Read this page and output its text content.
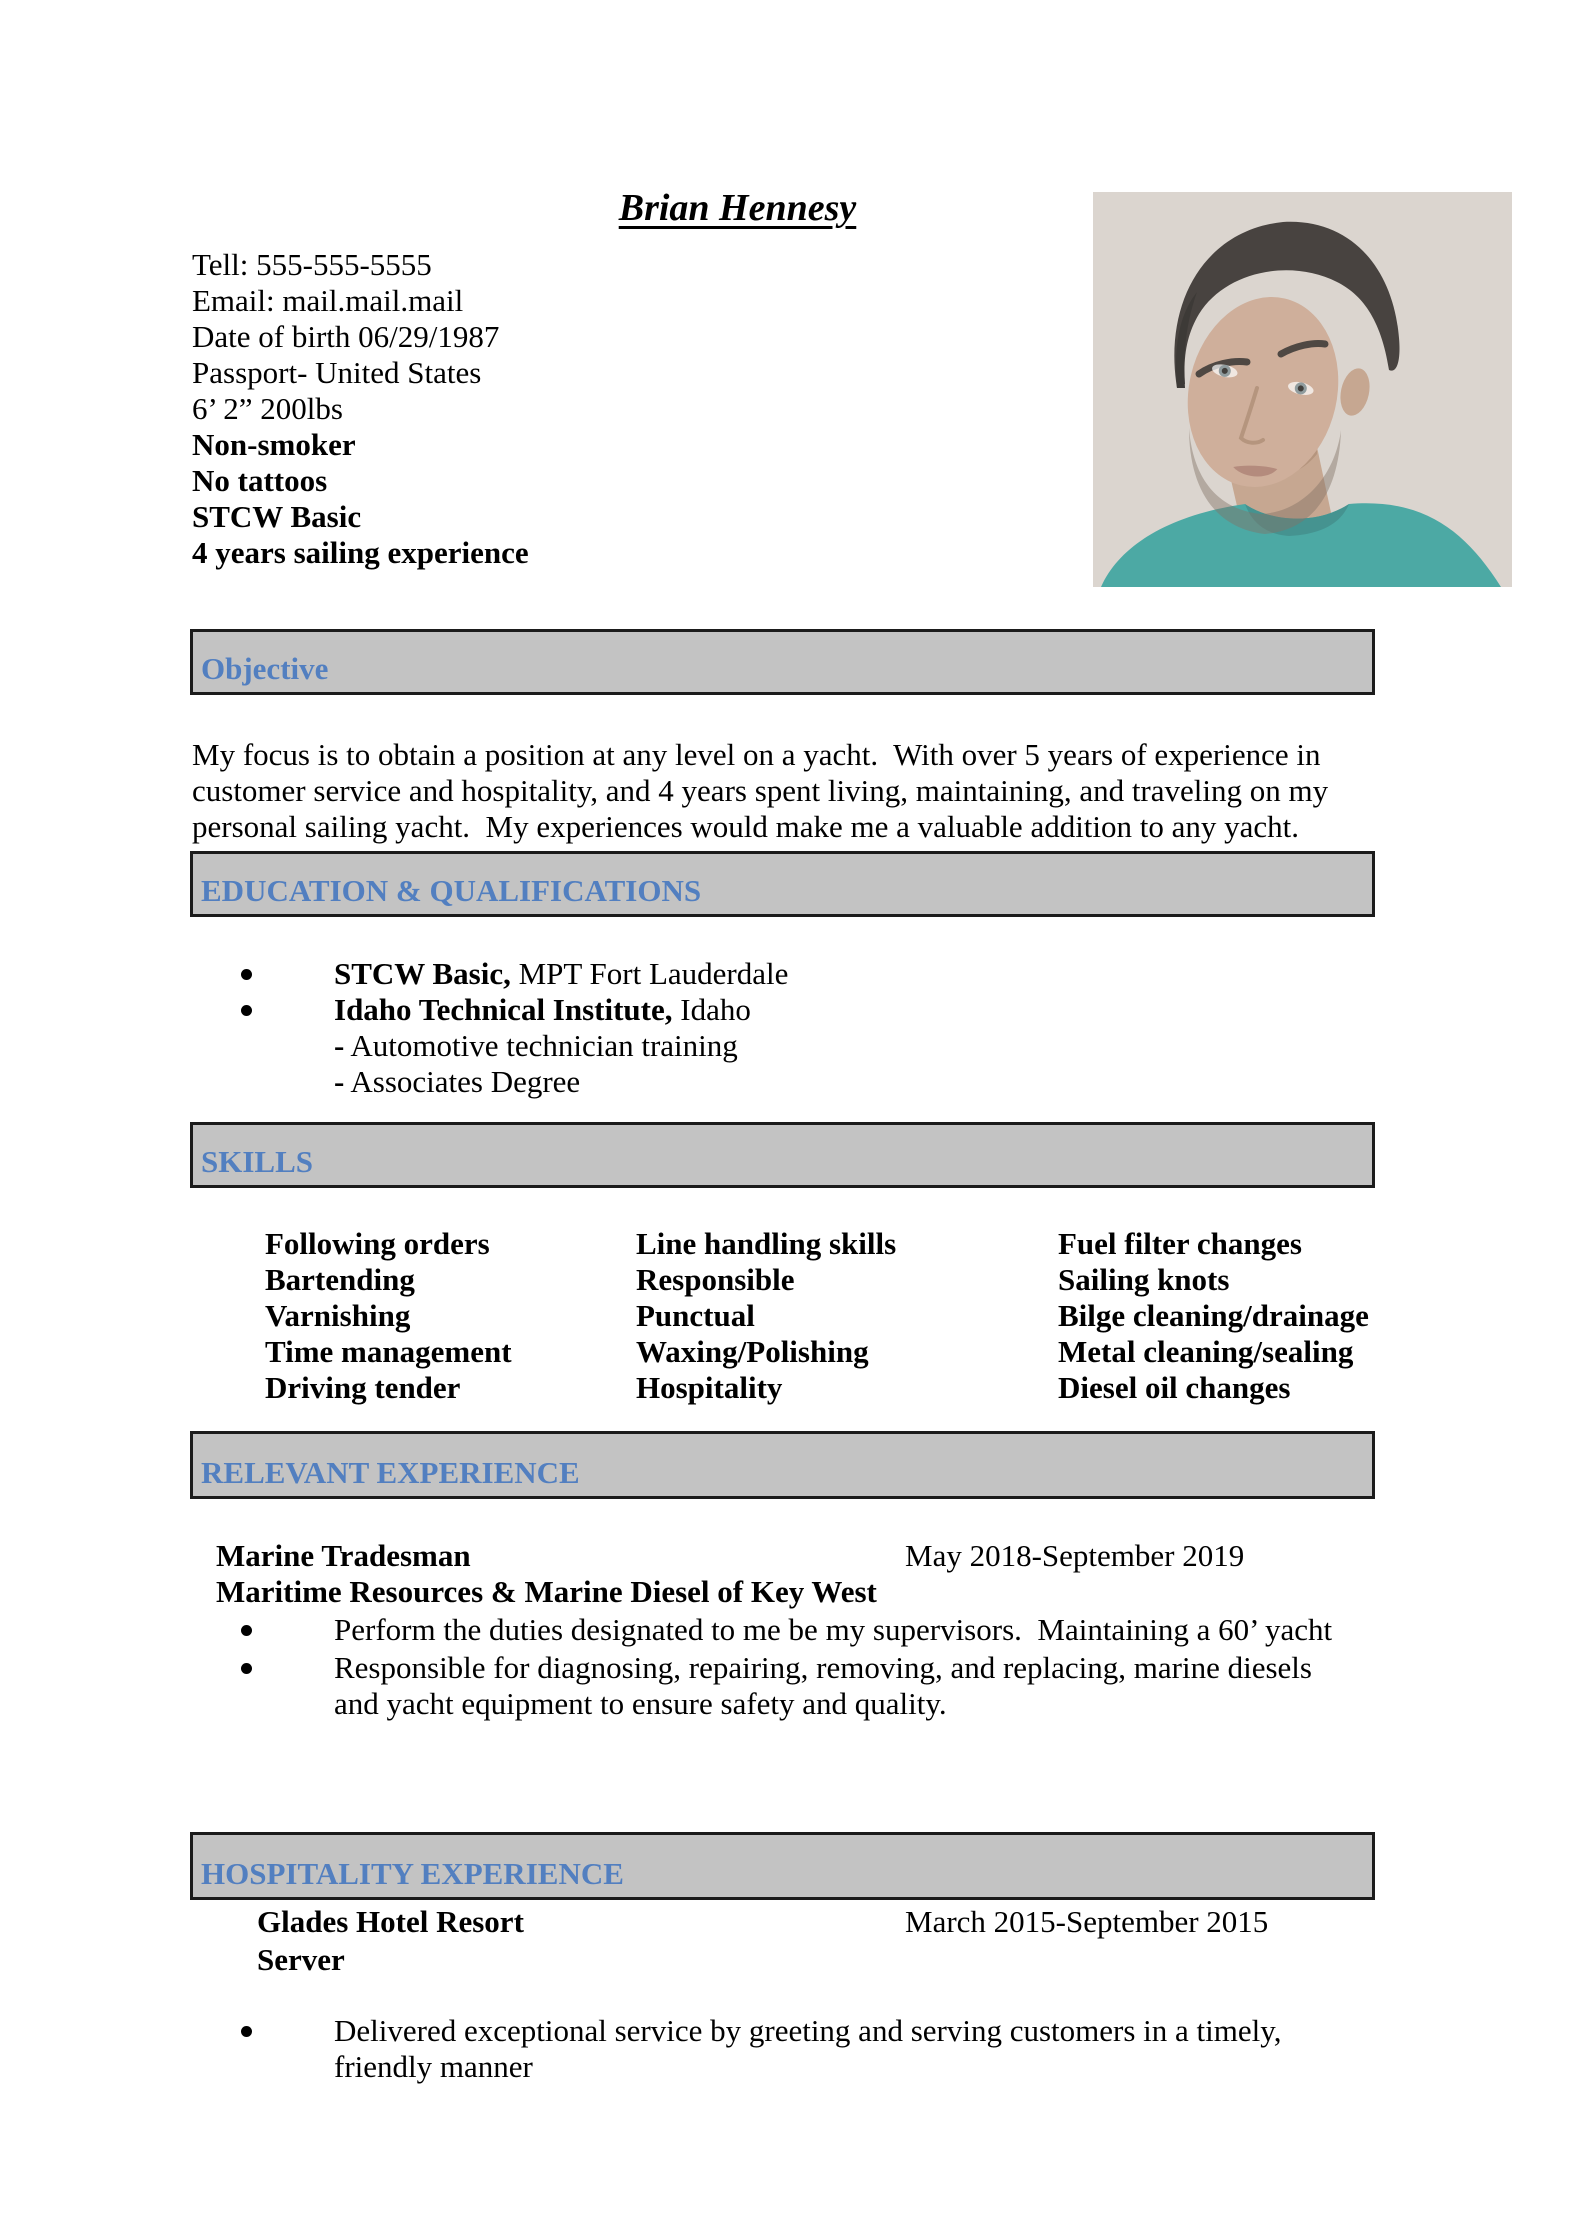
Brian Hennesy
Tell: 555-555-5555
Email: mail.mail.mail
Date of birth 06/29/1987
Passport- United States
6’ 2” 200lbs
Non-smoker
No tattoos
STCW Basic
4 years sailing experience
Objective
My focus is to obtain a position at any level on a yacht.  With over 5 years of experience in customer service and hospitality, and 4 years spent living, maintaining, and traveling on my personal sailing yacht.  My experiences would make me a valuable addition to any yacht.
EDUCATION & QUALIFICATIONS
STCW Basic, MPT Fort Lauderdale
Idaho Technical Institute, Idaho
- Automotive technician training
- Associates Degree
SKILLS
Following orders
Bartending
Varnishing
Time management
Driving tender
Line handling skills
Responsible
Punctual
Waxing/Polishing
Hospitality
Fuel filter changes
Sailing knots
Bilge cleaning/drainage
Metal cleaning/sealing
Diesel oil changes
RELEVANT EXPERIENCE
Marine Tradesman	May 2018-September 2019
Maritime Resources & Marine Diesel of Key West
Perform the duties designated to me be my supervisors.  Maintaining a 60’ yacht
Responsible for diagnosing, repairing, removing, and replacing, marine diesels and yacht equipment to ensure safety and quality.
HOSPITALITY EXPERIENCE
Glades Hotel Resort	March 2015-September 2015
Server
Delivered exceptional service by greeting and serving customers in a timely, friendly manner
